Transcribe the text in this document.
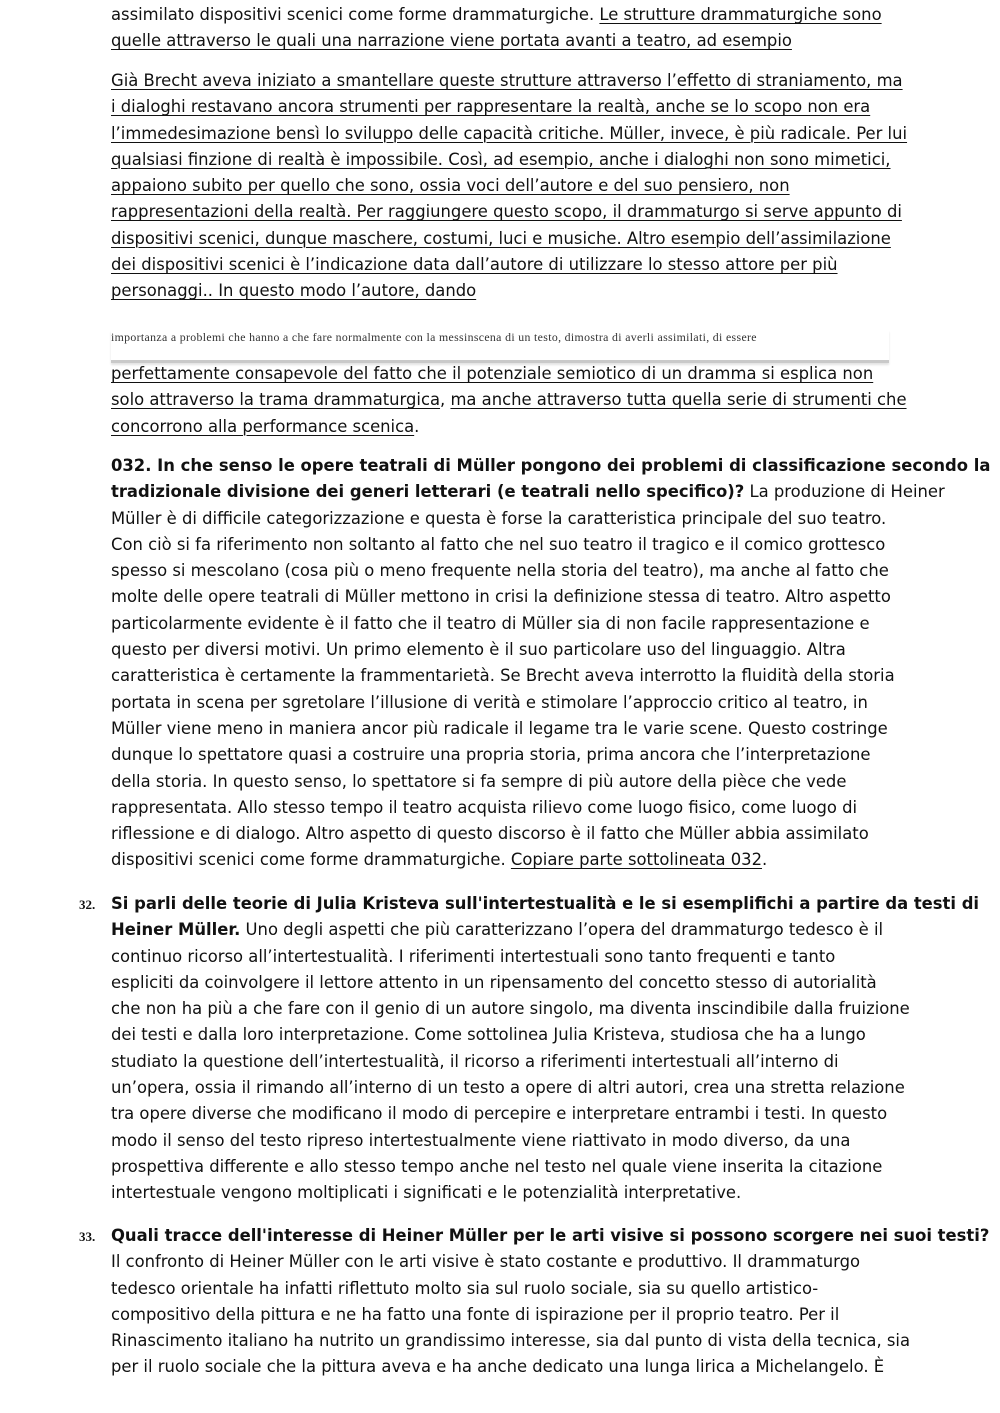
assimilato dispositivi scenici come forme drammaturgiche. Le strutture drammaturgiche sono
quelle attraverso le quali una narrazione viene portata avanti a teatro, ad esempio
Già Brecht aveva iniziato a smantellare queste strutture attraverso l’effetto di straniamento, ma
i dialoghi restavano ancora strumenti per rappresentare la realtà, anche se lo scopo non era
l’immedesimazione bensì lo sviluppo delle capacità critiche. Müller, invece, è più radicale. Per lui
qualsiasi finzione di realtà è impossibile. Così, ad esempio, anche i dialoghi non sono mimetici,
appaiono subito per quello che sono, ossia voci dell’autore e del suo pensiero, non
rappresentazioni della realtà. Per raggiungere questo scopo, il drammaturgo si serve appunto di
dispositivi scenici, dunque maschere, costumi, luci e musiche. Altro esempio dell’assimilazione
dei dispositivi scenici è l’indicazione data dall’autore di utilizzare lo stesso attore per più
personaggi.. In questo modo l’autore, dando
importanza a problemi che hanno a che fare normalmente con la messinscena di un testo, dimostra di averli assimilati, di essere
perfettamente consapevole del fatto che il potenziale semiotico di un dramma si esplica non
solo attraverso la trama drammaturgica, ma anche attraverso tutta quella serie di strumenti che
concorrono alla performance scenica.
032. In che senso le opere teatrali di Müller pongono dei problemi di classificazione secondo la
tradizionale divisione dei generi letterari (e teatrali nello specifico)? La produzione di Heiner
Müller è di difficile categorizzazione e questa è forse la caratteristica principale del suo teatro.
Con ciò si fa riferimento non soltanto al fatto che nel suo teatro il tragico e il comico grottesco
spesso si mescolano (cosa più o meno frequente nella storia del teatro), ma anche al fatto che
molte delle opere teatrali di Müller mettono in crisi la definizione stessa di teatro. Altro aspetto
particolarmente evidente è il fatto che il teatro di Müller sia di non facile rappresentazione e
questo per diversi motivi. Un primo elemento è il suo particolare uso del linguaggio. Altra
caratteristica è certamente la frammentarietà. Se Brecht aveva interrotto la fluidità della storia
portata in scena per sgretolare l’illusione di verità e stimolare l’approccio critico al teatro, in
Müller viene meno in maniera ancor più radicale il legame tra le varie scene. Questo costringe
dunque lo spettatore quasi a costruire una propria storia, prima ancora che l’interpretazione
della storia. In questo senso, lo spettatore si fa sempre di più autore della pièce che vede
rappresentata. Allo stesso tempo il teatro acquista rilievo come luogo fisico, come luogo di
riflessione e di dialogo. Altro aspetto di questo discorso è il fatto che Müller abbia assimilato
dispositivi scenici come forme drammaturgiche. Copiare parte sottolineata 032.
32. Si parli delle teorie di Julia Kristeva sull'intertestualità e le si esemplifichi a partire da testi di
Heiner Müller. Uno degli aspetti che più caratterizzano l’opera del drammaturgo tedesco è il
continuo ricorso all’intertestualità. I riferimenti intertestuali sono tanto frequenti e tanto
espliciti da coinvolgere il lettore attento in un ripensamento del concetto stesso di autorialità
che non ha più a che fare con il genio di un autore singolo, ma diventa inscindibile dalla fruizione
dei testi e dalla loro interpretazione. Come sottolinea Julia Kristeva, studiosa che ha a lungo
studiato la questione dell’intertestualità, il ricorso a riferimenti intertestuali all’interno di
un’opera, ossia il rimando all’interno di un testo a opere di altri autori, crea una stretta relazione
tra opere diverse che modificano il modo di percepire e interpretare entrambi i testi. In questo
modo il senso del testo ripreso intertestualmente viene riattivato in modo diverso, da una
prospettiva differente e allo stesso tempo anche nel testo nel quale viene inserita la citazione
intertestuale vengono moltiplicati i significati e le potenzialità interpretative.
33. Quali tracce dell'interesse di Heiner Müller per le arti visive si possono scorgere nei suoi testi?
Il confronto di Heiner Müller con le arti visive è stato costante e produttivo. Il drammaturgo
tedesco orientale ha infatti riflettuto molto sia sul ruolo sociale, sia su quello artistico-
compositivo della pittura e ne ha fatto una fonte di ispirazione per il proprio teatro. Per il
Rinascimento italiano ha nutrito un grandissimo interesse, sia dal punto di vista della tecnica, sia
per il ruolo sociale che la pittura aveva e ha anche dedicato una lunga lirica a Michelangelo. È
